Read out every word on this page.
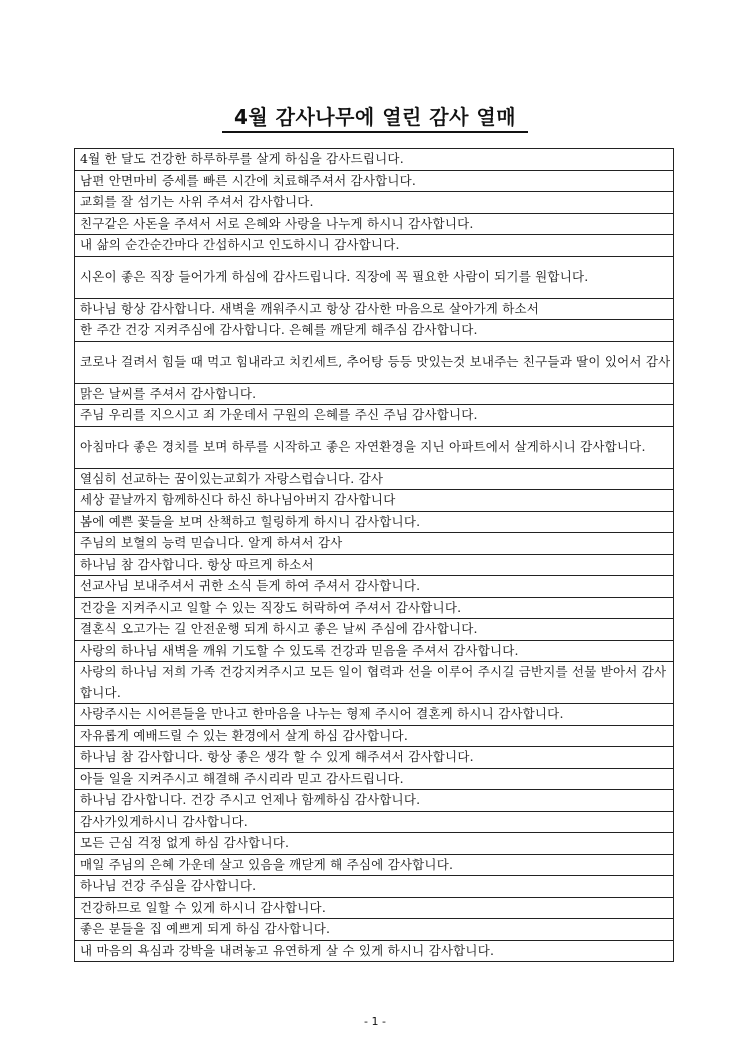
4월 감사나무에 열린 감사 열매
4월 한 달도 건강한 하루하루를 살게 하심을 감사드립니다.
남편 안면마비 증세를 빠른 시간에 치료해주셔서 감사합니다.
교회를 잘 섬기는 사위 주셔서 감사합니다.
친구같은 사돈을 주셔서 서로 은혜와 사랑을 나누게 하시니 감사합니다.
내 삶의 순간순간마다 간섭하시고 인도하시니 감사합니다.
시온이 좋은 직장 들어가게 하심에 감사드립니다. 직장에 꼭 필요한 사람이 되기를 원합니다.
하나님 항상 감사합니다. 새벽을 깨워주시고 항상 감사한 마음으로 살아가게 하소서
한 주간 건강 지켜주심에 감사합니다. 은혜를 깨닫게 해주심 감사합니다.
코로나 걸려서 힘들 때 먹고 힘내라고 치킨세트, 추어탕 등등 맛있는것 보내주는 친구들과 딸이 있어서 감사
맑은 날씨를 주셔서 감사합니다.
주님 우리를 지으시고 죄 가운데서 구원의 은혜를 주신 주님 감사합니다.
아침마다 좋은 경치를 보며 하루를 시작하고 좋은 자연환경을 지닌 아파트에서 살게하시니 감사합니다.
열심히 선교하는 꿈이있는교회가 자랑스럽습니다. 감사
세상 끝날까지 함께하신다 하신 하나님아버지 감사합니다
봄에 예쁜 꽃들을 보며 산책하고 힐링하게 하시니 감사합니다.
주님의 보혈의 능력 믿습니다. 알게 하셔서 감사
하나님 참 감사합니다. 항상 따르게 하소서
선교사님 보내주셔서 귀한 소식 듣게 하여 주셔서 감사합니다.
건강을 지켜주시고 일할 수 있는 직장도 허락하여 주셔서 감사합니다.
결혼식 오고가는 길 안전운행 되게 하시고 좋은 날씨 주심에 감사합니다.
사랑의 하나님 새벽을 깨워 기도할 수 있도록 건강과 믿음을 주셔서 감사합니다.
사랑의 하나님 저희 가족 건강지켜주시고 모든 일이 협력과 선을 이루어 주시길 금반지를 선물 받아서 감사합니다.
사랑주시는 시어른들을 만나고 한마음을 나누는 형제 주시어 결혼케 하시니 감사합니다.
자유롭게 예배드릴 수 있는 환경에서 살게 하심 감사합니다.
하나님 참 감사합니다. 항상 좋은 생각 할 수 있게 해주셔서 감사합니다.
아들 일을 지켜주시고 해결해 주시리라 믿고 감사드립니다.
하나님 감사합니다. 건강 주시고 언제나 함께하심 감사합니다.
감사가있게하시니 감사합니다.
모든 근심 걱정 없게 하심 감사합니다.
매일 주님의 은혜 가운데 살고 있음을 깨닫게 해 주심에 감사합니다.
하나님 건강 주심을 감사합니다.
건강하므로 일할 수 있게 하시니 감사합니다.
좋은 분들을 집 예쁘게 되게 하심 감사합니다.
내 마음의 욕심과 강박을 내려놓고 유연하게 살 수 있게 하시니 감사합니다.
- 1 -
